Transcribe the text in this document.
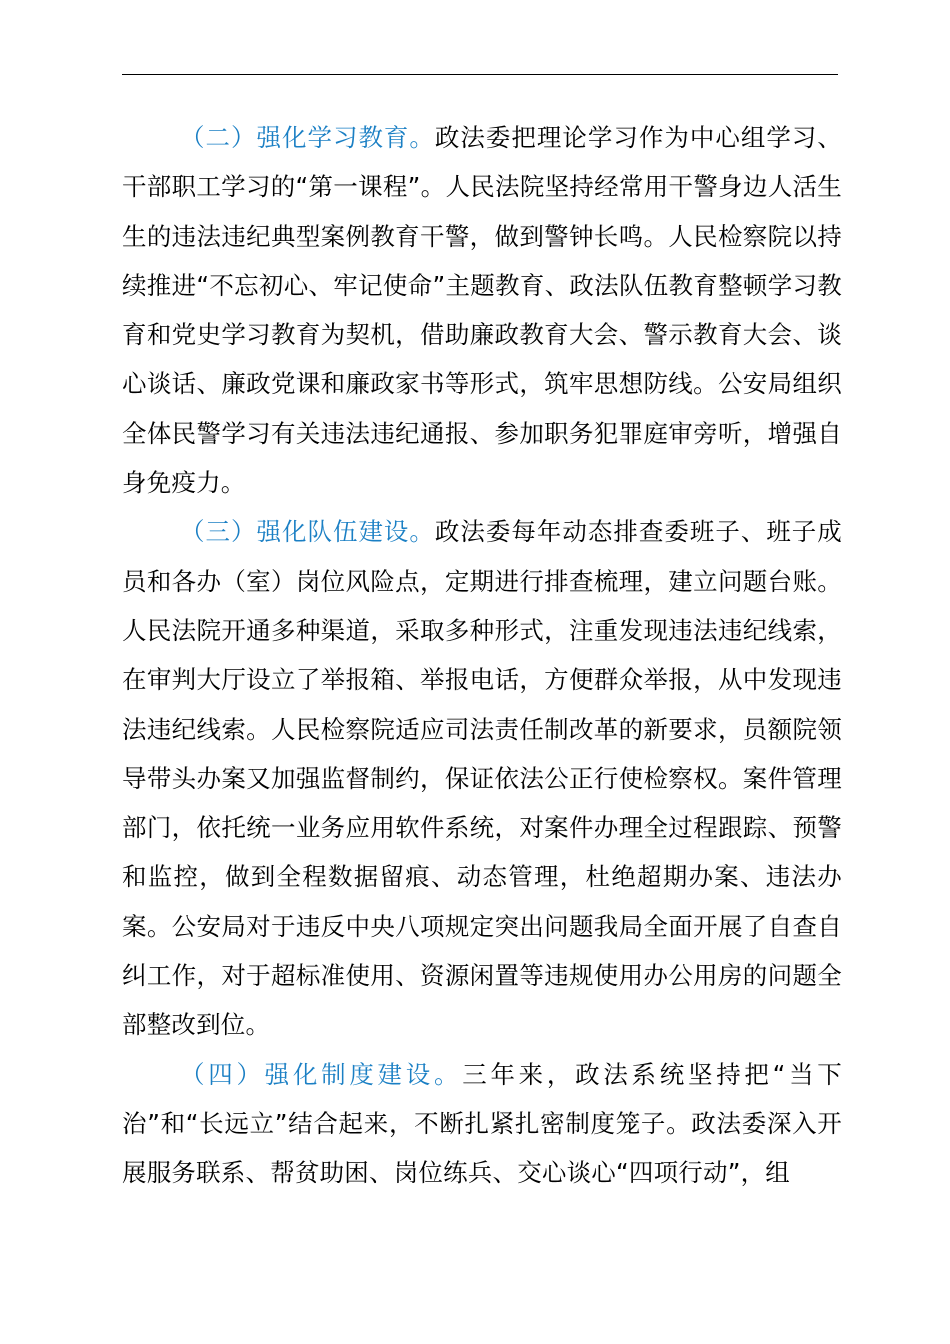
（二）强化学习教育。政法委把理论学习作为中心组学习、干部职工学习的“第一课程”。人民法院坚持经常用干警身边人活生生的违法违纪典型案例教育干警，做到警钟长鸣。人民检察院以持续推进“不忘初心、牢记使命”主题教育、政法队伍教育整顿学习教育和党史学习教育为契机，借助廉政教育大会、警示教育大会、谈心谈话、廉政党课和廉政家书等形式，筑牢思想防线。公安局组织全体民警学习有关违法违纪通报、参加职务犯罪庭审旁听，增强自身免疫力。

（三）强化队伍建设。政法委每年动态排查委班子、班子成员和各办（室）岗位风险点，定期进行排查梳理，建立问题台账。人民法院开通多种渠道，采取多种形式，注重发现违法违纪线索，在审判大厅设立了举报箱、举报电话，方便群众举报，从中发现违法违纪线索。人民检察院适应司法责任制改革的新要求，员额院领导带头办案又加强监督制约，保证依法公正行使检察权。案件管理部门，依托统一业务应用软件系统，对案件办理全过程跟踪、预警和监控，做到全程数据留痕、动态管理，杜绝超期办案、违法办案。公安局对于违反中央八项规定突出问题我局全面开展了自查自纠工作，对于超标准使用、资源闲置等违规使用办公用房的问题全部整改到位。

（四）强化制度建设。三年来，政法系统坚持把“当下治”和“长远立”结合起来，不断扎紧扎密制度笼子。政法委深入开展服务联系、帮贫助困、岗位练兵、交心谈心“四项行动”，组
